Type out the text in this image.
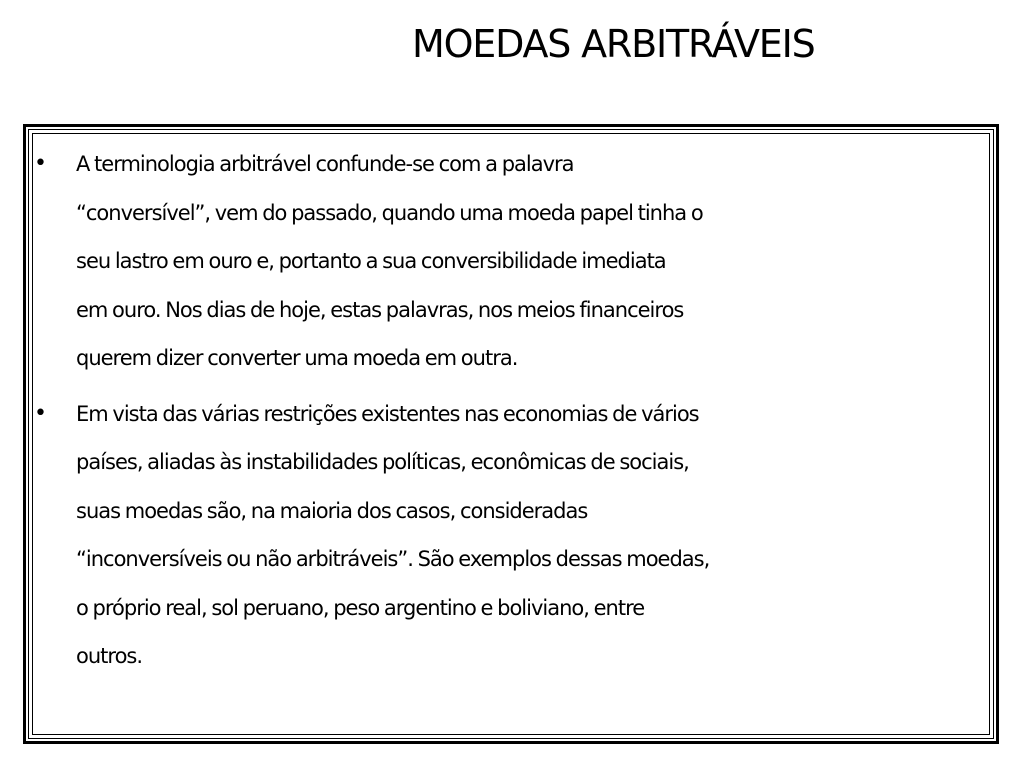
MOEDAS ARBITRÁVEIS
• A terminologia arbitrável confunde-se com a palavra
“conversível”, vem do passado, quando uma moeda papel tinha o
seu lastro em ouro e, portanto a sua conversibilidade imediata
em ouro. Nos dias de hoje, estas palavras, nos meios financeiros
querem dizer converter uma moeda em outra.
• Em vista das várias restrições existentes nas economias de vários
países, aliadas às instabilidades políticas, econômicas de sociais,
suas moedas são, na maioria dos casos, consideradas
“inconversíveis ou não arbitráveis”. São exemplos dessas moedas,
o próprio real, sol peruano, peso argentino e boliviano, entre
outros.
